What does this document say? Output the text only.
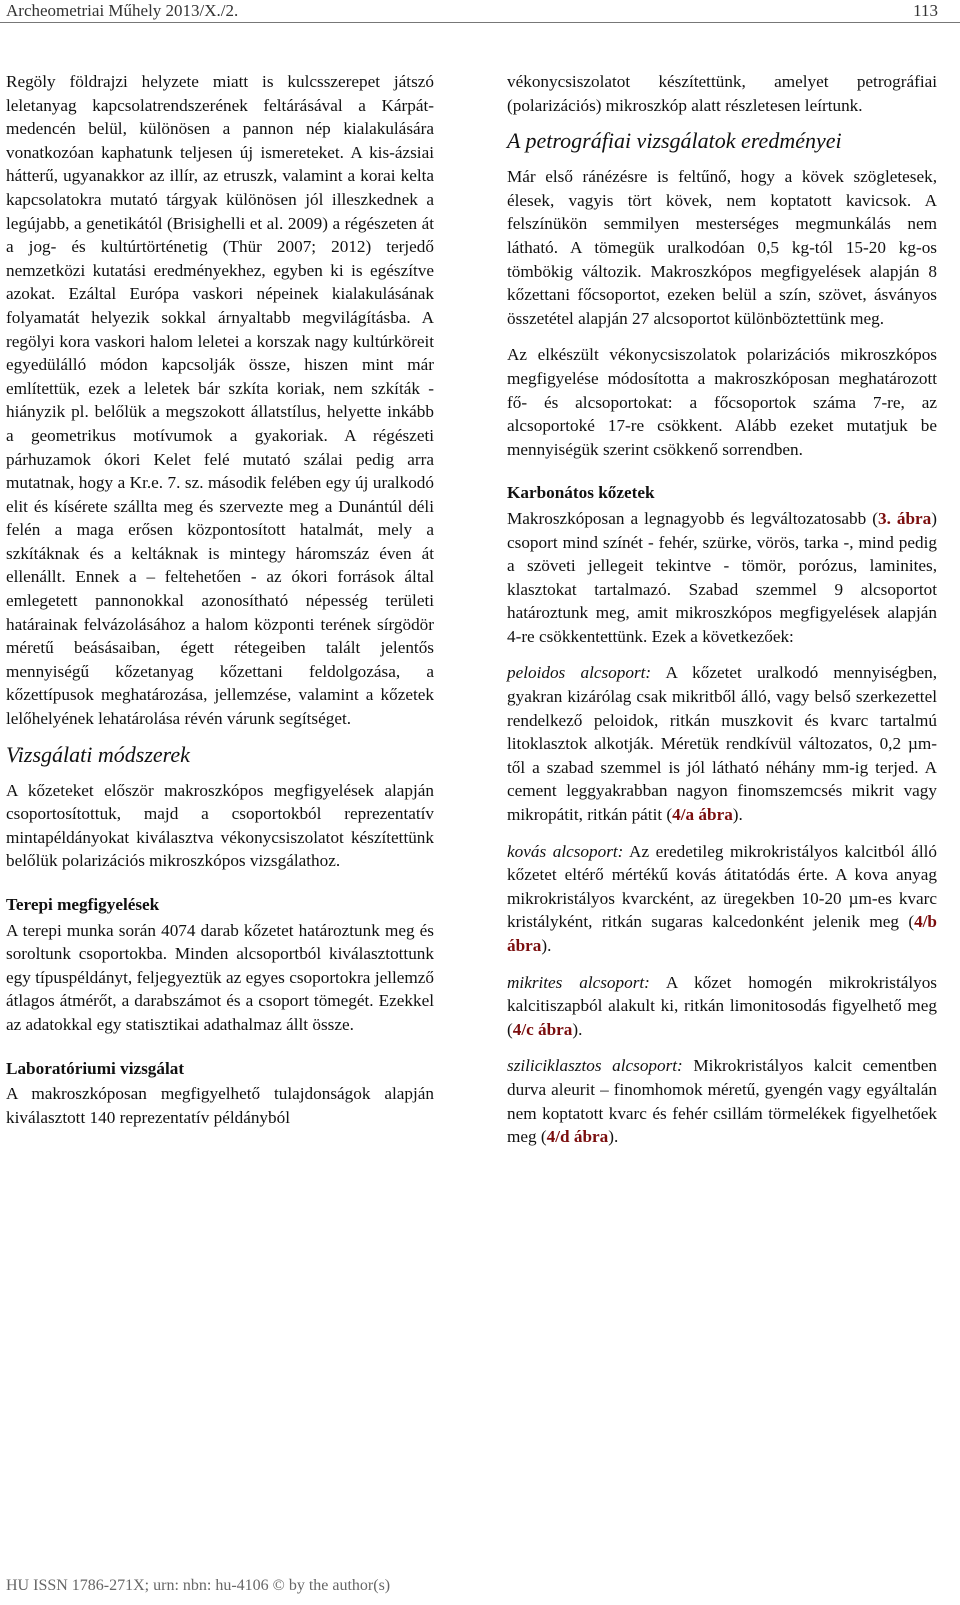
Archeometriai Műhely 2013/X./2.	113

Regöly földrajzi helyzete miatt is kulcsszerepet játszó leletanyag kapcsolatrendszerének feltárásával a Kárpát-medencén belül, különösen a pannon nép kialakulására vonatkozóan kaphatunk teljesen új ismereteket. A kis-ázsiai hátterű, ugyanakkor az illír, az etruszk, valamint a korai kelta kapcsolatokra mutató tárgyak különösen jól illeszkednek a legújabb, a genetikától (Brisighelli et al. 2009) a régészeten át a jog- és kultúrtörténetig (Thür 2007; 2012) terjedő nemzetközi kutatási eredményekhez, egyben ki is egészítve azokat. Ezáltal Európa vaskori népeinek kialakulásának folyamatát helyezik sokkal árnyaltabb megvilágításba. A regölyi kora vaskori halom leletei a korszak nagy kultúrköreit egyedülálló módon kapcsolják össze, hiszen mint már említettük, ezek a leletek bár szkíta koriak, nem szkíták - hiányzik pl. belőlük a megszokott állatstílus, helyette inkább a geometrikus motívumok a gyakoriak. A régészeti párhuzamok ókori Kelet felé mutató szálai pedig arra mutatnak, hogy a Kr.e. 7. sz. második felében egy új uralkodó elit és kísérete szállta meg és szervezte meg a Dunántúl déli felén a maga erősen központosított hatalmát, mely a szkítáknak és a keltáknak is mintegy háromszáz éven át ellenállt. Ennek a – feltehetően - az ókori források által emlegetett pannonokkal azonosítható népesség területi határainak felvázolásához a halom központi terének sírgödör méretű beásásaiban, égett rétegeiben talált jelentős mennyiségű kőzetanyag kőzettani feldolgozása, a kőzettípusok meghatározása, jellemzése, valamint a kőzetek lelőhelyének lehatárolása révén várunk segítséget.

Vizsgálati módszerek

A kőzeteket először makroszkópos megfigyelések alapján csoportosítottuk, majd a csoportokból reprezentatív mintapéldányokat kiválasztva vékonycsiszolatot készítettünk belőlük polarizációs mikroszkópos vizsgálathoz.

Terepi megfigyelések

A terepi munka során 4074 darab kőzetet határoztunk meg és soroltunk csoportokba. Minden alcsoportból kiválasztottunk egy típuspéldányt, feljegyeztük az egyes csoportokra jellemző átlagos átmérőt, a darabszámot és a csoport tömegét. Ezekkel az adatokkal egy statisztikai adathalmaz állt össze.

Laboratóriumi vizsgálat

A makroszkóposan megfigyelhető tulajdonságok alapján kiválasztott 140 reprezentatív példányból

vékonycsiszolatot készítettünk, amelyet petrográfiai (polarizációs) mikroszkóp alatt részletesen leírtunk.

A petrográfiai vizsgálatok eredményei

Már első ránézésre is feltűnő, hogy a kövek szögletesek, élesek, vagyis tört kövek, nem koptatott kavicsok. A felszínükön semmilyen mesterséges megmunkálás nem látható. A tömegük uralkodóan 0,5 kg-tól 15-20 kg-os tömbökig változik. Makroszkópos megfigyelések alapján 8 kőzettani főcsoportot, ezeken belül a szín, szövet, ásványos összetétel alapján 27 alcsoportot különböztettünk meg.

Az elkészült vékonycsiszolatok polarizációs mikroszkópos megfigyelése módosította a makroszkóposan meghatározott fő- és alcsoportokat: a főcsoportok száma 7-re, az alcsoportoké 17-re csökkent. Alább ezeket mutatjuk be mennyiségük szerint csökkenő sorrendben.

Karbonátos kőzetek

Makroszkóposan a legnagyobb és legváltozatosabb (3. ábra) csoport mind színét - fehér, szürke, vörös, tarka -, mind pedig a szöveti jellegeit tekintve - tömör, porózus, laminites, klasztokat tartalmazó. Szabad szemmel 9 alcsoportot határoztunk meg, amit mikroszkópos megfigyelések alapján 4-re csökkentettünk. Ezek a következőek:

peloidos alcsoport: A kőzetet uralkodó mennyiségben, gyakran kizárólag csak mikritből álló, vagy belső szerkezettel rendelkező peloidok, ritkán muszkovit és kvarc tartalmú litoklasztok alkotják. Méretük rendkívül változatos, 0,2 µm-től a szabad szemmel is jól látható néhány mm-ig terjed. A cement leggyakrabban nagyon finomszemcsés mikrit vagy mikropátit, ritkán pátit (4/a ábra).

kovás alcsoport: Az eredetileg mikrokristályos kalcitból álló kőzetet eltérő mértékű kovás átitatódás érte. A kova anyag mikrokristályos kvarcként, az üregekben 10-20 µm-es kvarc kristályként, ritkán sugaras kalcedonként jelenik meg (4/b ábra).

mikrites alcsoport: A kőzet homogén mikrokristályos kalcitiszapból alakult ki, ritkán limonitosodás figyelhető meg (4/c ábra).

sziliciklasztos alcsoport: Mikrokristályos kalcit cementben durva aleurit – finomhomok méretű, gyengén vagy egyáltalán nem koptatott kvarc és fehér csillám törmelékek figyelhetőek meg (4/d ábra).

HU ISSN 1786-271X; urn: nbn: hu-4106 © by the author(s)
